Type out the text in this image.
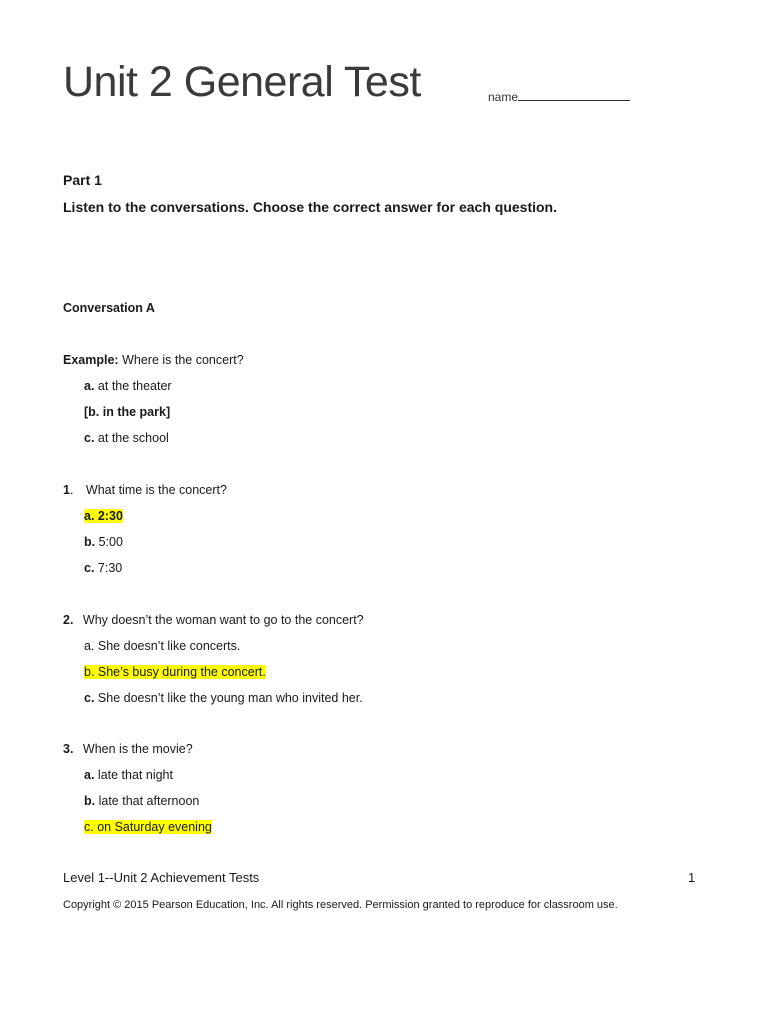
Unit 2 General Test	name
Part 1
Listen to the conversations. Choose the correct answer for each question.
Conversation A
Example: Where is the concert?
a. at the theater
[b. in the park]
c. at the school
1. What time is the concert?
a. 2:30
b. 5:00
c. 7:30
2. Why doesn’t the woman want to go to the concert?
a. She doesn’t like concerts.
b. She’s busy during the concert.
c. She doesn’t like the young man who invited her.
3. When is the movie?
a. late that night
b. late that afternoon
c. on Saturday evening
Level 1--Unit 2 Achievement Tests	1
Copyright © 2015 Pearson Education, Inc. All rights reserved. Permission granted to reproduce for classroom use.
